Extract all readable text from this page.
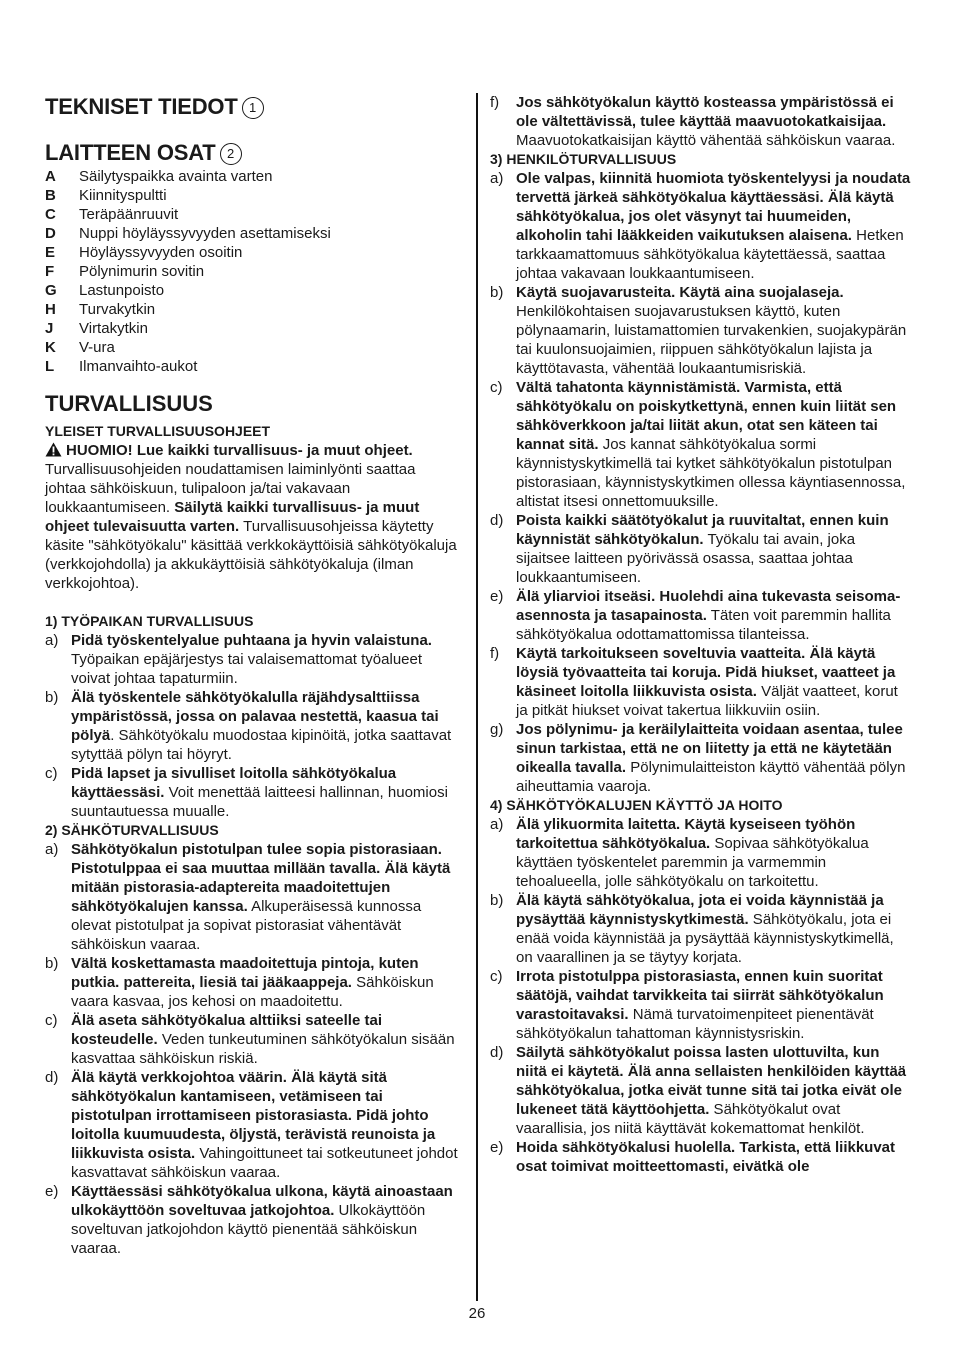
TEKNISET TIEDOT 1
LAITTEEN OSAT 2
A	Säilytyspaikka avainta varten
B	Kiinnityspultti
C	Teräpäänruuvit
D	Nuppi höyläyssyvyyden asettamiseksi
E	Höyläyssyvyyden osoitin
F	Pölynimurin sovitin
G	Lastunpoisto
H	Turvakytkin
J	Virtakytkin
K	V-ura
L	Ilmanvaihto-aukot
TURVALLISUUS
YLEISET TURVALLISUUSOHJEET

HUOMIO! Lue kaikki turvallisuus- ja muut ohjeet. Turvallisuusohjeiden noudattamisen laiminlyönti saattaa johtaa sähköiskuun, tulipaloon ja/tai vakavaan loukkaantumiseen. Säilytä kaikki turvallisuus- ja muut ohjeet tulevaisuutta varten. Turvallisuusohjeissa käytetty käsite "sähkötyökalu" käsittää verkkokäyttöisiä sähkötyökaluja (verkkojohdolla) ja akkukäyttöisiä sähkötyökaluja (ilman verkkojohtoa).

1) TYÖPAIKAN TURVALLISUUS
a) Pidä työskentelyalue puhtaana ja hyvin valaistuna. Työpaikan epäjärjestys tai valaisemattomat työalueet voivat johtaa tapaturmiin.
b) Älä työskentele sähkötyökalulla räjähdysalttiissa ympäristössä, jossa on palavaa nestettä, kaasua tai pölyä. Sähkötyökalu muodostaa kipinöitä, jotka saattavat sytyttää pölyn tai höyryt.
c) Pidä lapset ja sivulliset loitolla sähkötyökalua käyttäessäsi. Voit menettää laitteesi hallinnan, huomiosi suuntautuessa muualle.
2) SÄHKÖTURVALLISUUS
a) Sähkötyökalun pistotulpan tulee sopia pistorasiaan. Pistotulppaa ei saa muuttaa millään tavalla. Älä käytä mitään pistorasia-adaptereita maadoitettujen sähkötyökalujen kanssa. Alkuperäisessä kunnossa olevat pistotulpat ja sopivat pistorasiat vähentävät sähköiskun vaaraa.
b) Vältä koskettamasta maadoitettuja pintoja, kuten putkia. pattereita, liesiä tai jääkaappeja. Sähköiskun vaara kasvaa, jos kehosi on maadoitettu.
c) Älä aseta sähkötyökalua alttiiksi sateelle tai kosteudelle. Veden tunkeutuminen sähkötyökalun sisään kasvattaa sähköiskun riskiä.
d) Älä käytä verkkojohtoa väärin. Älä käytä sitä sähkötyökalun kantamiseen, vetämiseen tai pistotulpan irrottamiseen pistorasiasta. Pidä johto loitolla kuumuudesta, öljystä, terävistä reunoista ja liikkuvista osista. Vahingoittuneet tai sotkeutuneet johdot kasvattavat sähköiskun vaaraa.
e) Käyttäessäsi sähkötyökalua ulkona, käytä ainoastaan ulkokäyttöön soveltuvaa jatkojohtoa. Ulkokäyttöön soveltuvan jatkojohdon käyttö pienentää sähköiskun vaaraa.
f)	Jos sähkötyökalun käyttö kosteassa ympäristössä ei ole vältettävissä, tulee käyttää maavuotokatkaisijaa. Maavuotokatkaisijan käyttö vähentää sähköiskun vaaraa.
3) HENKILÖTURVALLISUUS
a) Ole valpas, kiinnitä huomiota työskentelyysi ja noudata tervettä järkeä sähkötyökalua käyttäessäsi. Älä käytä sähkötyökalua, jos olet väsynyt tai huumeiden, alkoholin tahi lääkkeiden vaikutuksen alaisena. Hetken tarkkaamattomuus sähkötyökalua käytettäessä, saattaa johtaa vakavaan loukkaantumiseen.
b) Käytä suojavarusteita. Käytä aina suojalaseja. Henkilökohtaisen suojavarustuksen käyttö, kuten pölynaamarin, luistamattomien turvakenkien, suojakypärän tai kuulonsuojaimien, riippuen sähkötyökalun lajista ja käyttötavasta, vähentää loukaantumisriskiä.
c) Vältä tahatonta käynnistämistä. Varmista, että sähkötyökalu on poiskytkettynä, ennen kuin liität sen sähköverkkoon ja/tai liität akun, otat sen käteen tai kannat sitä. Jos kannat sähkötyökalua sormi käynnistyskytkimellä tai kytket sähkötyökalun pistotulpan pistorasiaan, käynnistyskytkimen ollessa käyntiasennossa, altistat itsesi onnettomuuksille.
d) Poista kaikki säätötyökalut ja ruuvitaltat, ennen kuin käynnistät sähkötyökalun. Työkalu tai avain, joka sijaitsee laitteen pyörivässä osassa, saattaa johtaa loukkaantumiseen.
e) Älä yliarvioi itseäsi. Huolehdi aina tukevasta seisoma-asennosta ja tasapainosta. Täten voit paremmin hallita sähkötyökalua odottamattomissa tilanteissa.
f)	Käytä tarkoitukseen soveltuvia vaatteita. Älä käytä löysiä työvaatteita tai koruja. Pidä hiukset, vaatteet ja käsineet loitolla liikkuvista osista. Väljät vaatteet, korut ja pitkät hiukset voivat takertua liikkuviin osiin.
g) Jos pölynimu- ja keräilylaitteita voidaan asentaa, tulee sinun tarkistaa, että ne on liitetty ja että ne käytetään oikealla tavalla. Pölynimulaitteiston käyttö vähentää pölyn aiheuttamia vaaroja.
4) SÄHKÖTYÖKALUJEN KÄYTTÖ JA HOITO
a) Älä ylikuormita laitetta. Käytä kyseiseen työhön tarkoitettua sähkötyökalua. Sopivaa sähkötyökalua käyttäen työskentelet paremmin ja varmemmin tehoalueella, jolle sähkötyökalu on tarkoitettu.
b) Älä käytä sähkötyökalua, jota ei voida käynnistää ja pysäyttää käynnistyskytkimestä. Sähkötyökalu, jota ei enää voida käynnistää ja pysäyttää käynnistyskytkimellä, on vaarallinen ja se täytyy korjata.
c) Irrota pistotulppa pistorasiasta, ennen kuin suoritat säätöjä, vaihdat tarvikkeita tai siirrät sähkötyökalun varastoitavaksi. Nämä turvatoimenpiteet pienentävät sähkötyökalun tahattoman käynnistysriskin.
d) Säilytä sähkötyökalut poissa lasten ulottuvilta, kun niitä ei käytetä. Älä anna sellaisten henkilöiden käyttää sähkötyökalua, jotka eivät tunne sitä tai jotka eivät ole lukeneet tätä käyttöohjetta. Sähkötyökalut ovat vaarallisia, jos niitä käyttävät kokemattomat henkilöt.
e) Hoida sähkötyökalusi huolella. Tarkista, että liikkuvat osat toimivat moitteettomasti, eivätkä ole
26
